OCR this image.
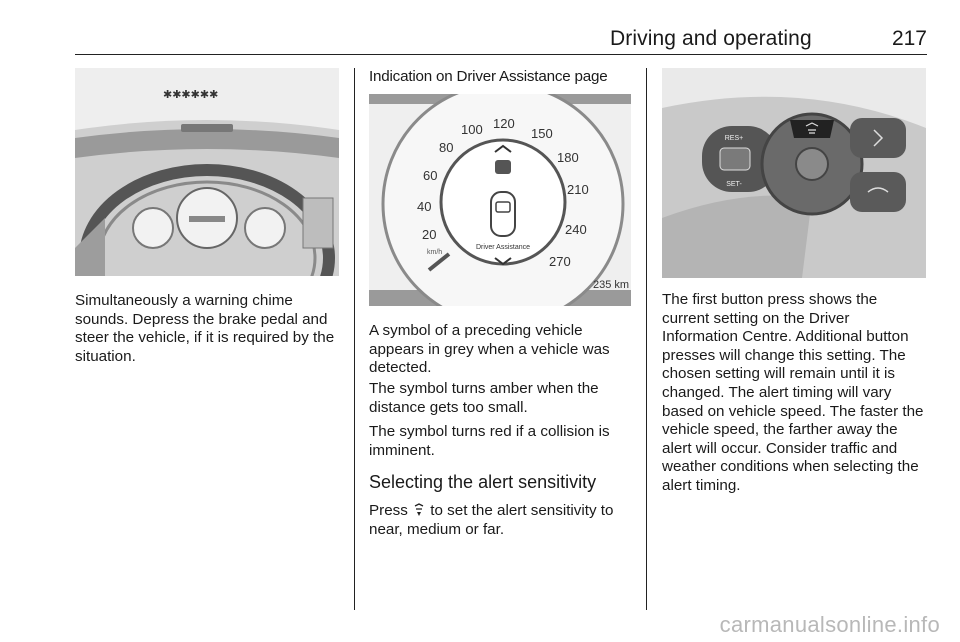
Driving and operating	217
✱✱✱✱✱✱
Simultaneously a warning chime sounds. Depress the brake pedal and steer the vehicle, if it is required by the situation.
Indication on Driver Assistance page
20
40
60
80
100 120
150
180
210
240
270
km/h
Driver Assistance
235 km
A symbol of a preceding vehicle appears in grey when a vehicle was detected.
The symbol turns amber when the distance gets too small.
The symbol turns red if a collision is imminent.
Selecting the alert sensitivity
Press to set the alert sensitivity to near, medium or far.
RES+
SET-
The first button press shows the current setting on the Driver Information Centre. Additional button presses will change this setting. The chosen setting will remain until it is changed. The alert timing will vary based on vehicle speed. The faster the vehicle speed, the farther away the alert will occur. Consider traffic and weather conditions when selecting the alert timing.
carmanualsonline.info
